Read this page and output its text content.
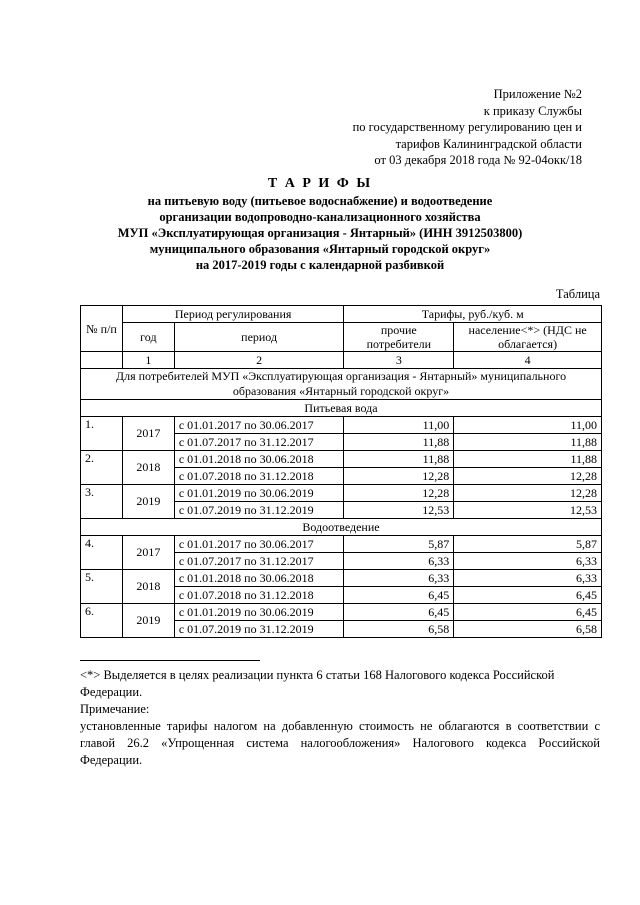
Приложение №2
к приказу Службы
по государственному регулированию цен и
тарифов Калининградской области
от 03 декабря 2018 года № 92-04окк/18
Т А Р И Ф Ы
на питьевую воду (питьевое водоснабжение) и водоотведение
организации водопроводно-канализационного хозяйства
МУП «Эксплуатирующая организация - Янтарный» (ИНН 3912503800)
муниципального образования «Янтарный городской округ»
на 2017-2019 годы с календарной разбивкой
Таблица
№ п/п	Период регулирования		Тарифы, руб./куб. м	
	год	период	прочие потребители	население<*> (НДС не облагается)
	1	2	3	4
Для потребителей МУП «Эксплуатирующая организация - Янтарный» муниципального образования «Янтарный городской округ»				
Питьевая вода				
1.	2017	с 01.01.2017 по 30.06.2017	11,00	11,00
		с 01.07.2017 по 31.12.2017	11,88	11,88
2.	2018	с 01.01.2018 по 30.06.2018	11,88	11,88
		с 01.07.2018 по 31.12.2018	12,28	12,28
3.	2019	с 01.01.2019 по 30.06.2019	12,28	12,28
		с 01.07.2019 по 31.12.2019	12,53	12,53
Водоотведение				
4.	2017	с 01.01.2017 по 30.06.2017	5,87	5,87
		с 01.07.2017 по 31.12.2017	6,33	6,33
5.	2018	с 01.01.2018 по 30.06.2018	6,33	6,33
		с 01.07.2018 по 31.12.2018	6,45	6,45
6.	2019	с 01.01.2019 по 30.06.2019	6,45	6,45
		с 01.07.2019 по 31.12.2019	6,58	6,58

<*> Выделяется в целях реализации пункта 6 статьи 168 Налогового кодекса Российской Федерации.

Примечание:

установленные тарифы налогом на добавленную стоимость не облагаются в соответствии с главой 26.2 «Упрощенная система налогообложения» Налогового кодекса Российской Федерации.
